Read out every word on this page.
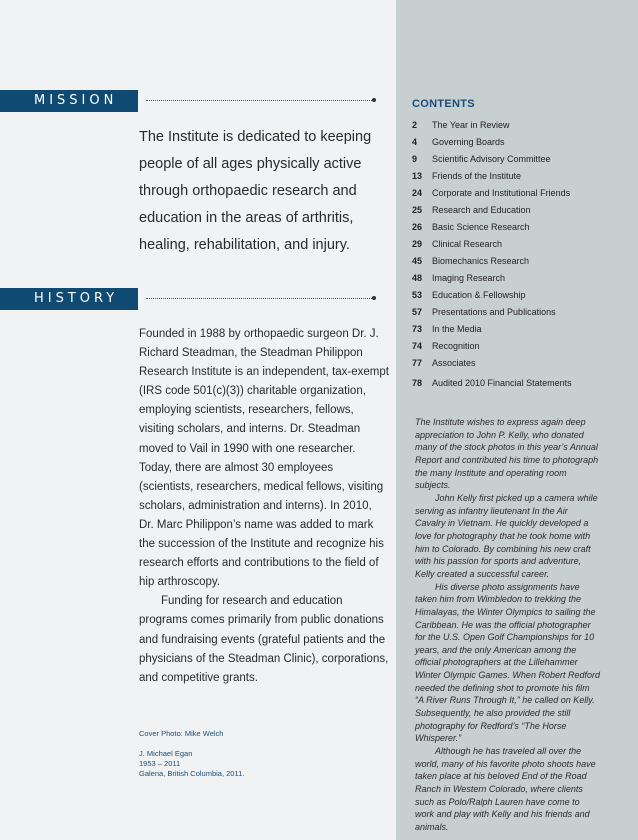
MISSION
The Institute is dedicated to keeping people of all ages physically active through orthopaedic research and education in the areas of arthritis, healing, rehabilitation, and injury.
HISTORY

Founded in 1988 by orthopaedic surgeon Dr. J. Richard Steadman, the Steadman Philippon Research Institute is an independent, tax-exempt (IRS code 501(c)(3)) charitable organization, employing scientists, researchers, fellows, visiting scholars, and interns. Dr. Steadman moved to Vail in 1990 with one researcher. Today, there are almost 30 employees (scientists, researchers, medical fellows, visiting scholars, administration and interns). In 2010, Dr. Marc Philippon’s name was added to mark the succession of the Institute and recognize his research efforts and contributions to the field of hip arthroscopy.

Funding for research and education programs comes primarily from public donations and fundraising events (grateful patients and the physicians of the Steadman Clinic), corporations, and competitive grants.

Cover Photo: Mike Welch
J. Michael Egan
1953 – 2011
Galena, British Columbia, 2011.
CONTENTS
2	The Year in Review
4	Governing Boards
9	Scientific Advisory Committee
13	Friends of the Institute
24	Corporate and Institutional Friends
25	Research and Education
26	Basic Science Research
29	Clinical Research
45	Biomechanics Research
48	Imaging Research
53	Education & Fellowship
57	Presentations and Publications
73	In the Media
74	Recognition
77	Associates
78	Audited 2010 Financial Statements

The Institute wishes to express again deep appreciation to John P. Kelly, who donated many of the stock photos in this year’s Annual Report and contributed his time to photograph the many Institute and operating room subjects.

John Kelly first picked up a camera while serving as infantry lieutenant In the Air Cavalry in Vietnam. He quickly developed a love for photography that he took home with him to Colorado. By combining his new craft with his passion for sports and adventure, Kelly created a successful career.

His diverse photo assignments have taken him from Wimbledon to trekking the Himalayas, the Winter Olympics to sailing the Caribbean. He was the official photographer for the U.S. Open Golf Championships for 10 years, and the only American among the official photographers at the Lillehammer Winter Olympic Games. When Robert Redford needed the defining shot to promote his film “A River Runs Through It,” he called on Kelly. Subsequently, he also provided the still photography for Redford’s “The Horse Whisperer.”

Although he has traveled all over the world, many of his favorite photo shoots have taken place at his beloved End of the Road Ranch in Western Colorado, where clients such as Polo/Ralph Lauren have come to work and play with Kelly and his friends and animals.
